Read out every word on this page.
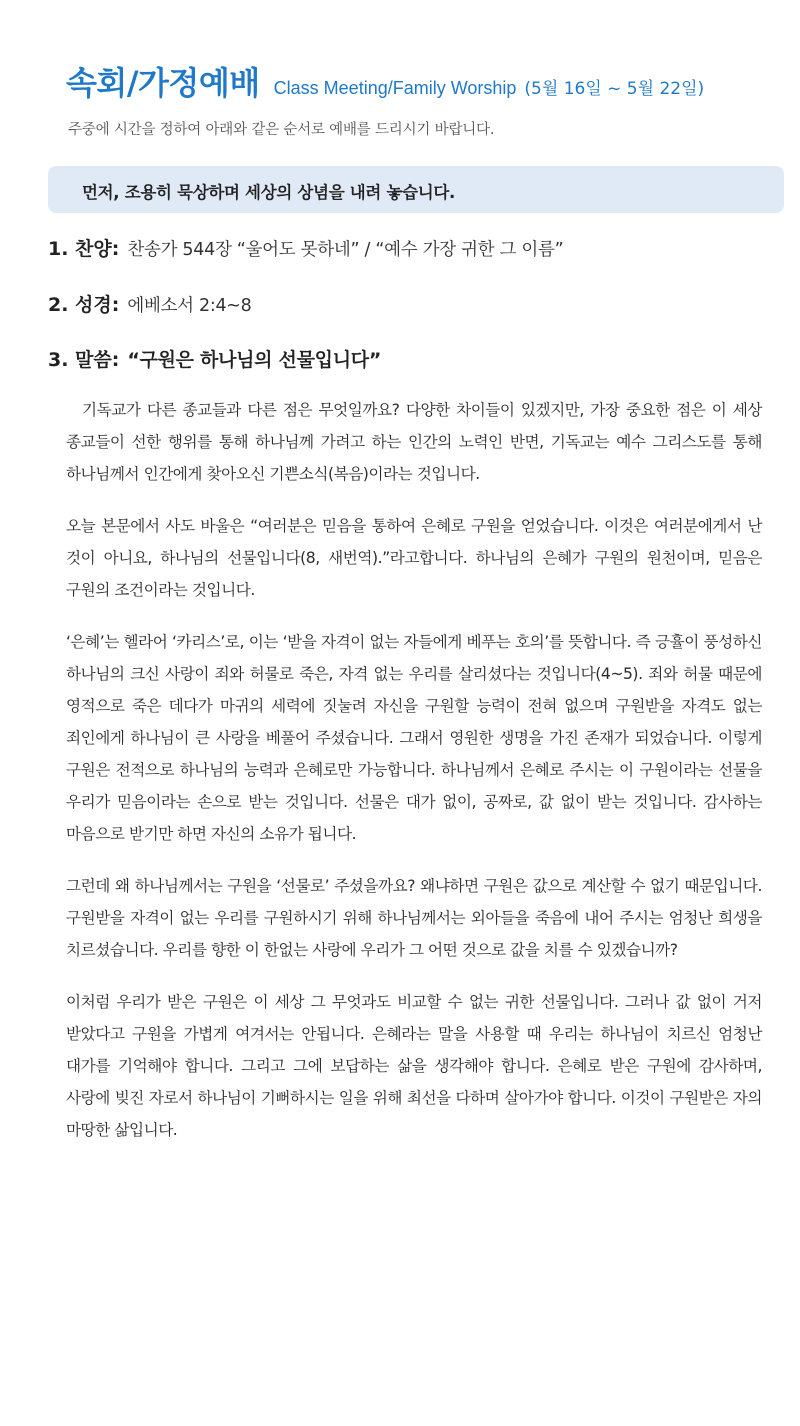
속회/가정예배 Class Meeting/Family Worship (5월 16일 ~ 5월 22일)
주중에 시간을 정하여 아래와 같은 순서로 예배를 드리시기 바랍니다.
먼저, 조용히 묵상하며 세상의 상념을 내려 놓습니다.
1. 찬양: 찬송가 544장 “울어도 못하네” / “예수 가장 귀한 그 이름”
2. 성경: 에베소서 2:4~8
3. 말씀: “구원은 하나님의 선물입니다”

기독교가 다른 종교들과 다른 점은 무엇일까요? 다양한 차이들이 있겠지만, 가장 중요한 점은 이 세상 종교들이 선한 행위를 통해 하나님께 가려고 하는 인간의 노력인 반면, 기독교는 예수 그리스도를 통해 하나님께서 인간에게 찾아오신 기쁜소식(복음)이라는 것입니다.

오늘 본문에서 사도 바울은 “여러분은 믿음을 통하여 은혜로 구원을 얻었습니다. 이것은 여러분에게서 난 것이 아니요, 하나님의 선물입니다(8, 새번역).”라고합니다. 하나님의 은혜가 구원의 원천이며, 믿음은 구원의 조건이라는 것입니다.

‘은혜’는 헬라어 ‘카리스’로, 이는 ‘받을 자격이 없는 자들에게 베푸는 호의’를 뜻합니다. 즉 긍휼이 풍성하신 하나님의 크신 사랑이 죄와 허물로 죽은, 자격 없는 우리를 살리셨다는 것입니다(4~5). 죄와 허물 때문에 영적으로 죽은 데다가 마귀의 세력에 짓눌려 자신을 구원할 능력이 전혀 없으며 구원받을 자격도 없는 죄인에게 하나님이 큰 사랑을 베풀어 주셨습니다. 그래서 영원한 생명을 가진 존재가 되었습니다. 이렇게 구원은 전적으로 하나님의 능력과 은혜로만 가능합니다. 하나님께서 은혜로 주시는 이 구원이라는 선물을 우리가 믿음이라는 손으로 받는 것입니다. 선물은 대가 없이, 공짜로, 값 없이 받는 것입니다. 감사하는 마음으로 받기만 하면 자신의 소유가 됩니다.

그런데 왜 하나님께서는 구원을 ‘선물로’ 주셨을까요? 왜냐하면 구원은 값으로 계산할 수 없기 때문입니다. 구원받을 자격이 없는 우리를 구원하시기 위해 하나님께서는 외아들을 죽음에 내어 주시는 엄청난 희생을 치르셨습니다. 우리를 향한 이 한없는 사랑에 우리가 그 어떤 것으로 값을 치를 수 있겠습니까?

이처럼 우리가 받은 구원은 이 세상 그 무엇과도 비교할 수 없는 귀한 선물입니다. 그러나 값 없이 거저 받았다고 구원을 가볍게 여겨서는 안됩니다. 은혜라는 말을 사용할 때 우리는 하나님이 치르신 엄청난 대가를 기억해야 합니다. 그리고 그에 보답하는 삶을 생각해야 합니다. 은혜로 받은 구원에 감사하며, 사랑에 빚진 자로서 하나님이 기뻐하시는 일을 위해 최선을 다하며 살아가야 합니다. 이것이 구원받은 자의 마땅한 삶입니다.
